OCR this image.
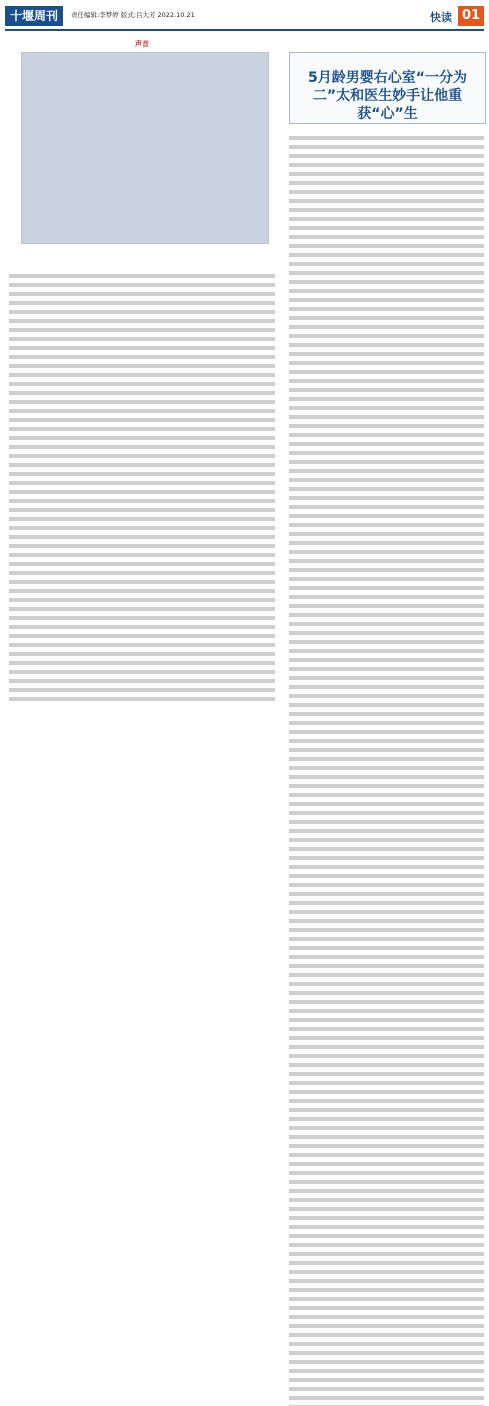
十堰周刊	责任编辑:李梦婷 版式:吕大芳 2022.10.21	快读 01
声音
5月龄男婴右心室“一分为二”太和医生妙手让他重获“心”生
